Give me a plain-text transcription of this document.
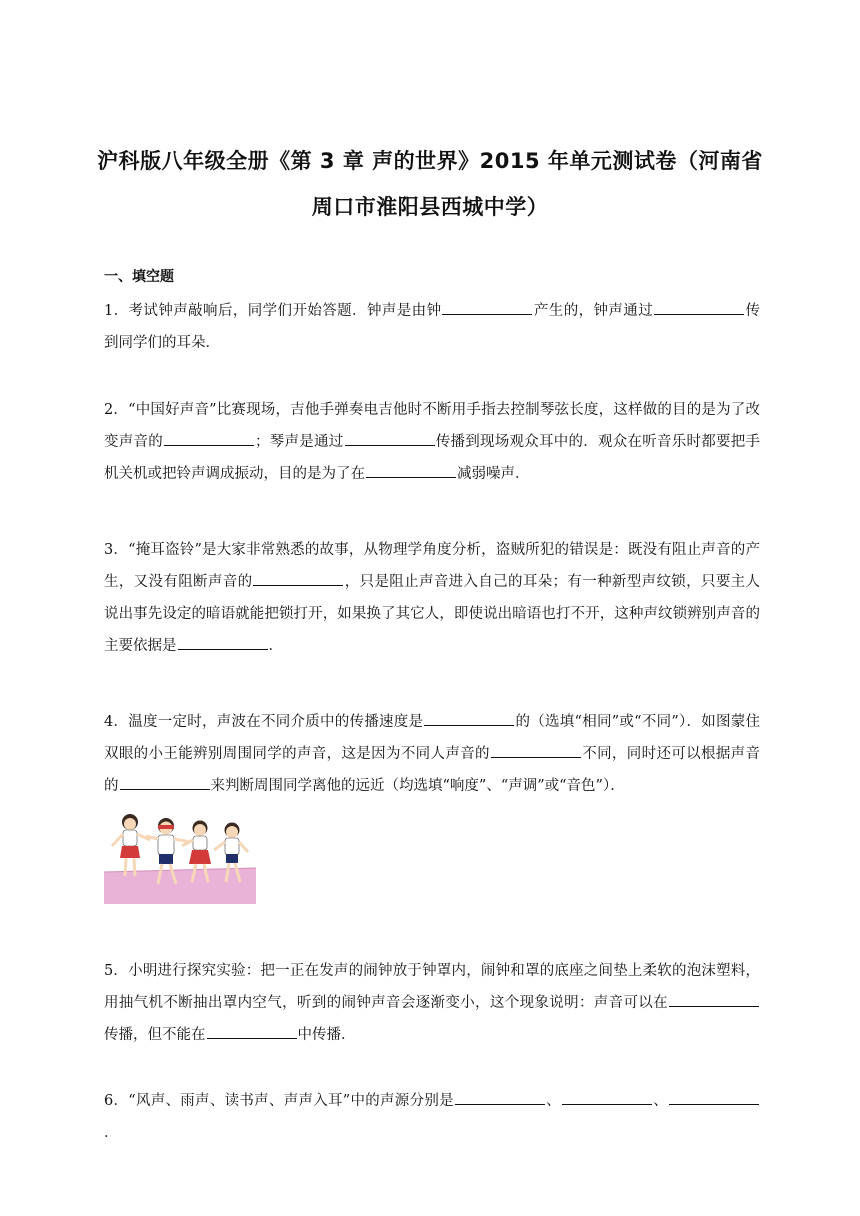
沪科版八年级全册《第 3 章 声的世界》2015 年单元测试卷（河南省
周口市淮阳县西城中学）
一、填空题
1．考试钟声敲响后，同学们开始答题．钟声是由钟	产生的，钟声通过	传到同学们的耳朵．
2．“中国好声音”比赛现场，吉他手弹奏电吉他时不断用手指去控制琴弦长度，这样做的目的是为了改变声音的	；琴声是通过	传播到现场观众耳中的．观众在听音乐时都要把手机关机或把铃声调成振动，目的是为了在	减弱噪声．
3．“掩耳盗铃”是大家非常熟悉的故事，从物理学角度分析，盗贼所犯的错误是：既没有阻止声音的产生，又没有阻断声音的	，只是阻止声音进入自己的耳朵；有一种新型声纹锁，只要主人说出事先设定的暗语就能把锁打开，如果换了其它人，即使说出暗语也打不开，这种声纹锁辨别声音的主要依据是	．
4．温度一定时，声波在不同介质中的传播速度是	的（选填“相同”或“不同”）．如图蒙住双眼的小王能辨别周围同学的声音，这是因为不同人声音的	不同，同时还可以根据声音的	来判断周围同学离他的远近（均选填“响度”、“声调”或“音色”）．
5．小明进行探究实验：把一正在发声的闹钟放于钟罩内，闹钟和罩的底座之间垫上柔软的泡沫塑料，用抽气机不断抽出罩内空气，听到的闹钟声音会逐渐变小，这个现象说明：声音可以在传播，但不能在	中传播．
6．“风声、雨声、读书声、声声入耳”中的声源分别是	、	、．
